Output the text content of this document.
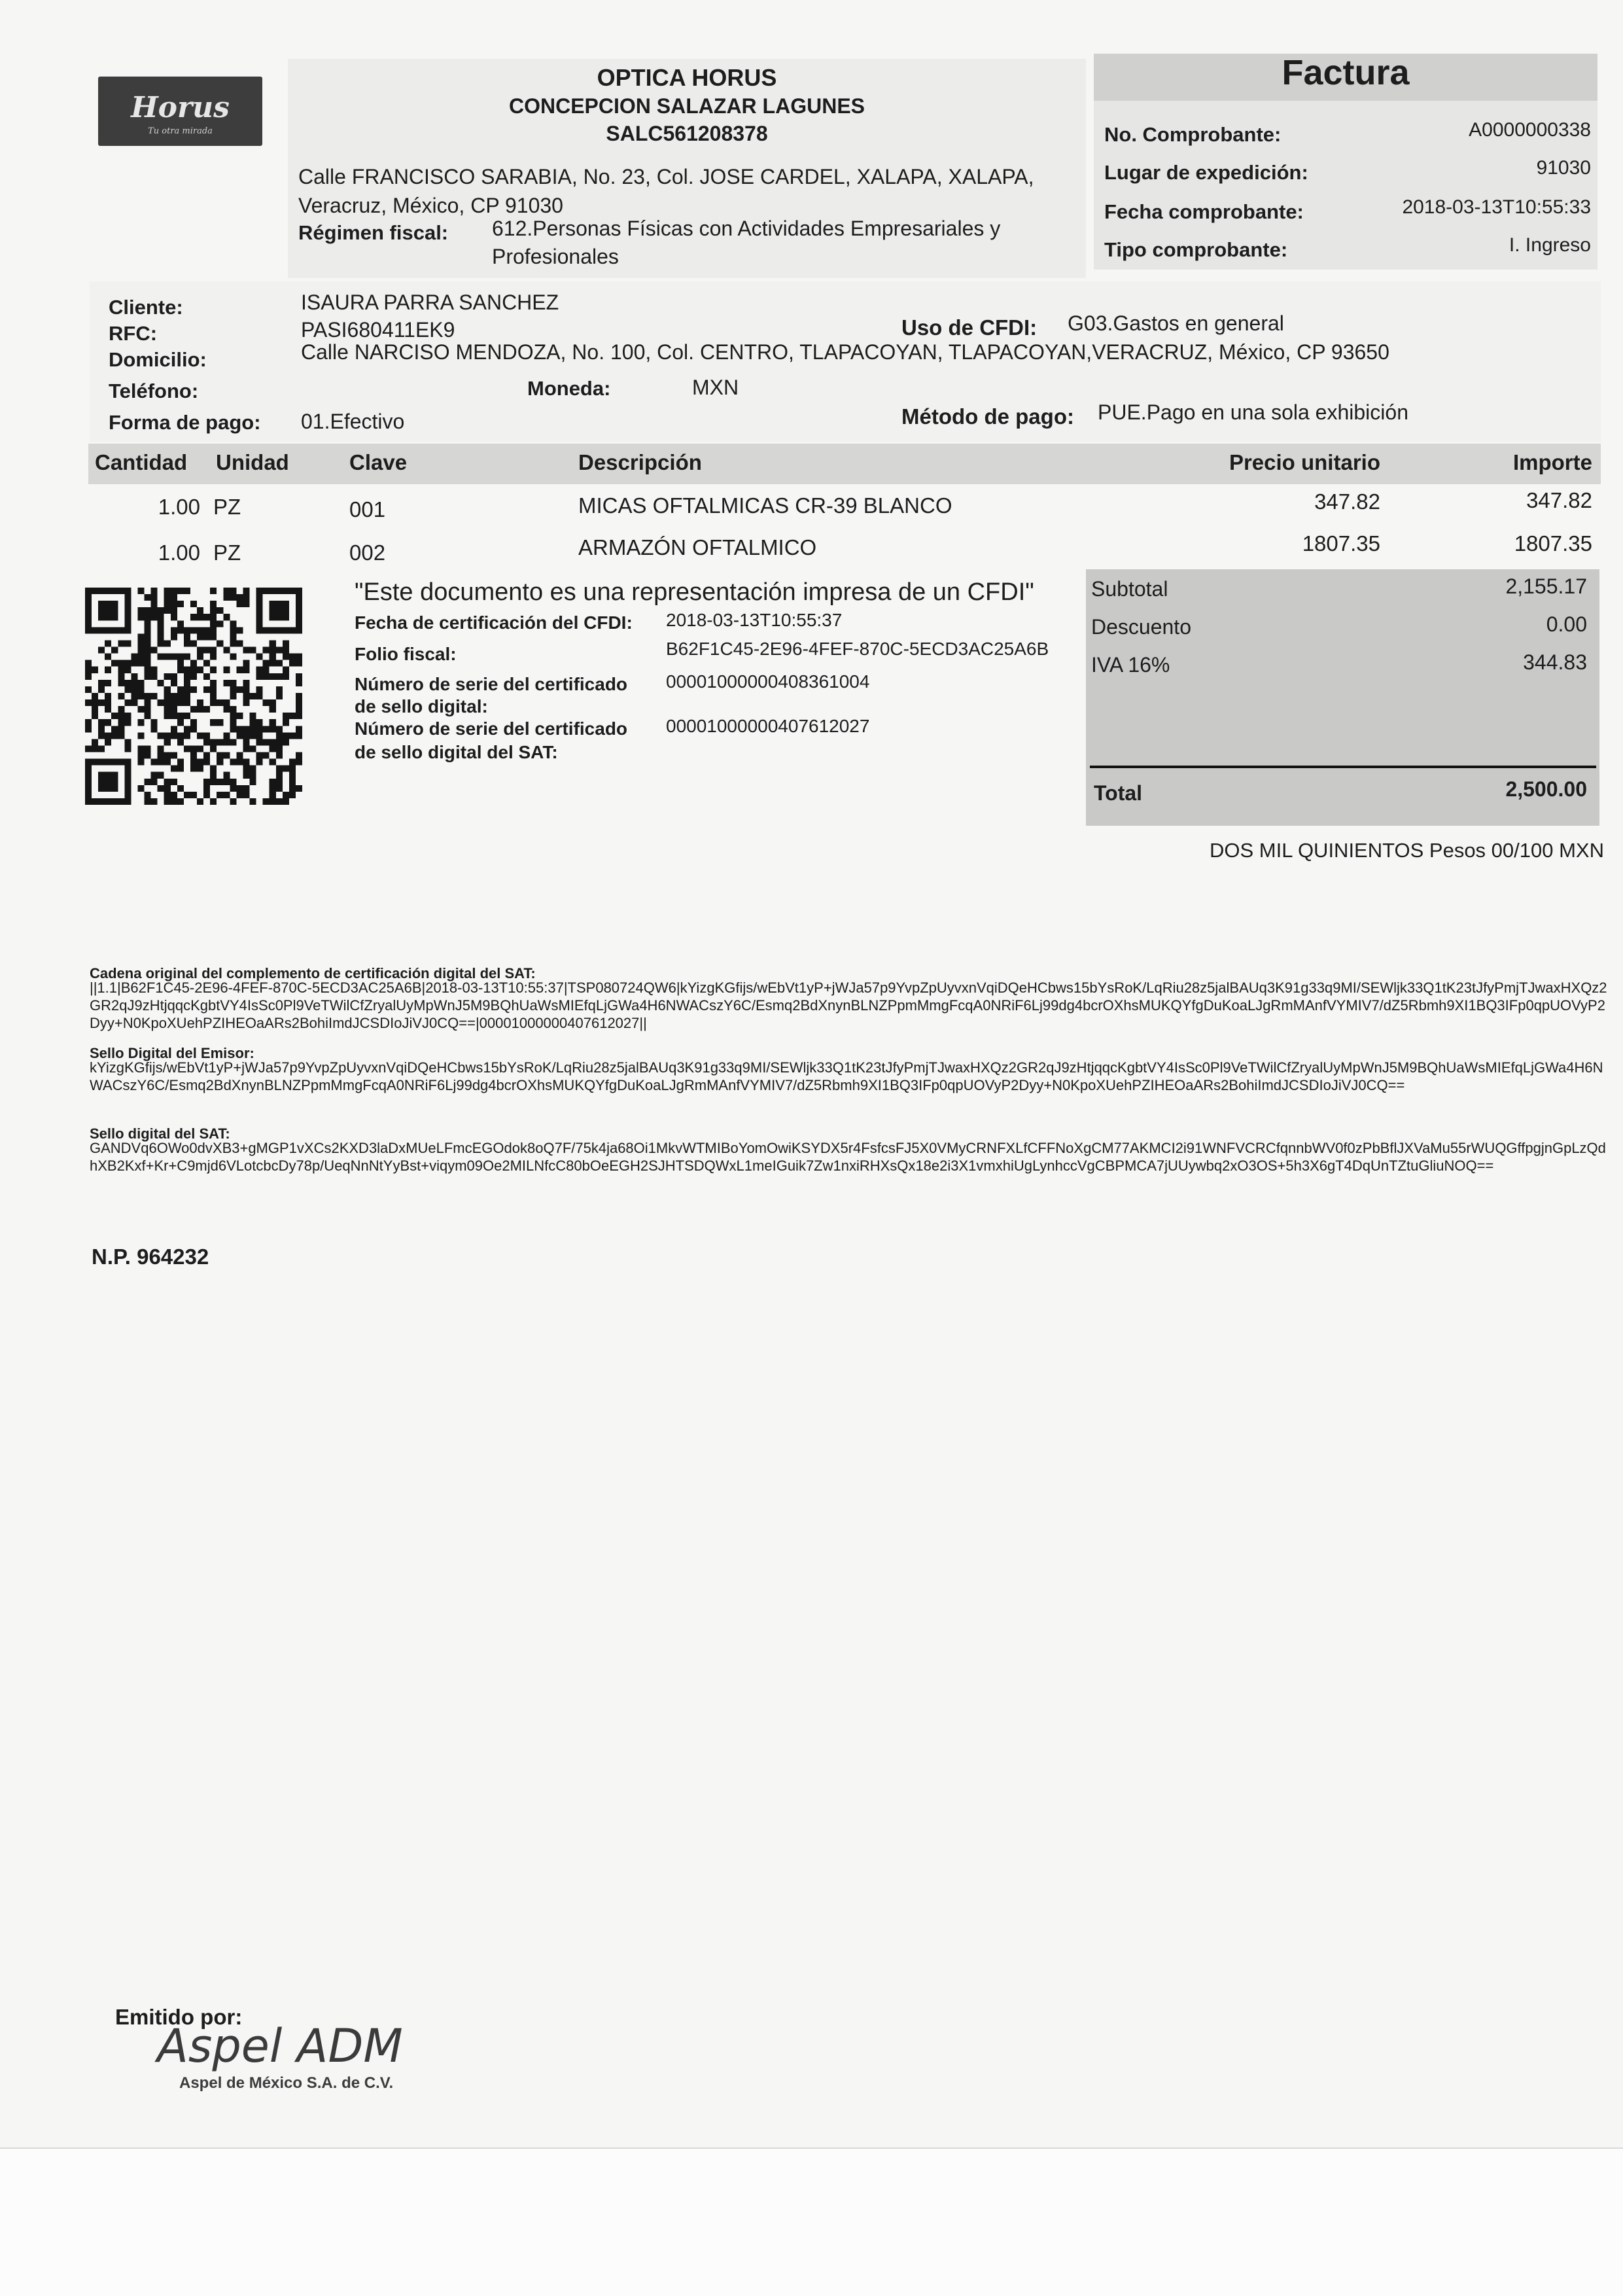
Horus
Tu otra mirada
OPTICA HORUS
CONCEPCION SALAZAR LAGUNES
SALC561208378
Calle FRANCISCO SARABIA, No. 23, Col. JOSE CARDEL, XALAPA, XALAPA,
Veracruz, México, CP 91030
Régimen fiscal: 612.Personas Físicas con Actividades Empresariales y
Profesionales
Factura
No. Comprobante:	A0000000338
Lugar de expedición:	91030
Fecha comprobante:	2018-03-13T10:55:33
Tipo comprobante:	I. Ingreso
Cliente:	ISAURA PARRA SANCHEZ
RFC:	PASI680411EK9	Uso de CFDI: G03.Gastos en general
Domicilio:	Calle NARCISO MENDOZA, No. 100, Col. CENTRO, TLAPACOYAN, TLAPACOYAN,VERACRUZ, México, CP 93650
Teléfono:	Moneda:	MXN
Forma de pago: 01.Efectivo	Método de pago: PUE.Pago en una sola exhibición
Cantidad Unidad	Clave	Descripción	Precio unitario	Importe
1.00 PZ	001	MICAS OFTALMICAS CR-39 BLANCO	347.82	347.82
1.00 PZ	002	ARMAZÓN OFTALMICO	1807.35	1807.35
"Este documento es una representación impresa de un CFDI"
Fecha de certificación del CFDI: 2018-03-13T10:55:37
Folio fiscal:	B62F1C45-2E96-4FEF-870C-5ECD3AC25A6B
Número de serie del certificado
de sello digital:
00001000000408361004
Número de serie del certificado
de sello digital del SAT:
00001000000407612027
Subtotal	2,155.17
Descuento	0.00
IVA 16%	344.83
Total	2,500.00
DOS MIL QUINIENTOS Pesos 00/100 MXN
Cadena original del complemento de certificación digital del SAT:
||1.1|B62F1C45-2E96-4FEF-870C-5ECD3AC25A6B|2018-03-13T10:55:37|TSP080724QW6|kYizgKGfijs/wEbVt1yP+jWJa57p9YvpZpUyvxnVqiDQeHCbws15bYsRoK/LqRiu28z5jalBAUq3K91g33q9MI/SEWljk33Q1tK23tJfyPmjTJwaxHXQz2GR2qJ9zHtjqqcKgbtVY4IsSc0Pl9VeTWilCfZryalUyMpWnJ5M9BQhUaWsMIEfqLjGWa4H6NWACszY6C/Esmq2BdXnynBLNZPpmMmgFcqA0NRiF6Lj99dg4bcrOXhsMUKQYfgDuKoaLJgRmMAnfVYMIV7/dZ5Rbmh9XI1BQ3IFp0qpUOVyP2Dyy+N0KpoXUehPZIHEOaARs2BohiImdJCSDIoJiVJ0CQ==|00001000000407612027||
Sello Digital del Emisor:
kYizgKGfijs/wEbVt1yP+jWJa57p9YvpZpUyvxnVqiDQeHCbws15bYsRoK/LqRiu28z5jalBAUq3K91g33q9MI/SEWljk33Q1tK23tJfyPmjTJwaxHXQz2GR2qJ9zHtjqqcKgbtVY4IsSc0Pl9VeTWilCfZryalUyMpWnJ5M9BQhUaWsMIEfqLjGWa4H6NWACszY6C/Esmq2BdXnynBLNZPpmMmgFcqA0NRiF6Lj99dg4bcrOXhsMUKQYfgDuKoaLJgRmMAnfVYMIV7/dZ5Rbmh9XI1BQ3IFp0qpUOVyP2Dyy+N0KpoXUehPZIHEOaARs2BohiImdJCSDIoJiVJ0CQ==
Sello digital del SAT:
GANDVq6OWo0dvXB3+gMGP1vXCs2KXD3laDxMUeLFmcEGOdok8oQ7F/75k4ja68Oi1MkvWTMIBoYomOwiKSYDX5r4FsfcsFJ5X0VMyCRNFXLfCFFNoXgCM77AKMCI2i91WNFVCRCfqnnbWV0f0zPbBflJXVaMu55rWUQGffpgjnGpLzQdhXB2Kxf+Kr+C9mjd6VLotcbcDy78p/UeqNnNtYyBst+viqym09Oe2MILNfcC80bOeEGH2SJHTSDQWxL1meIGuik7Zw1nxiRHXsQx18e2i3X1vmxhiUgLynhccVgCBPMCA7jUUywbq2xO3OS+5h3X6gT4DqUnTZtuGliuNOQ==
N.P. 964232
Emitido por:
Aspel ADM
Aspel de México S.A. de C.V.
